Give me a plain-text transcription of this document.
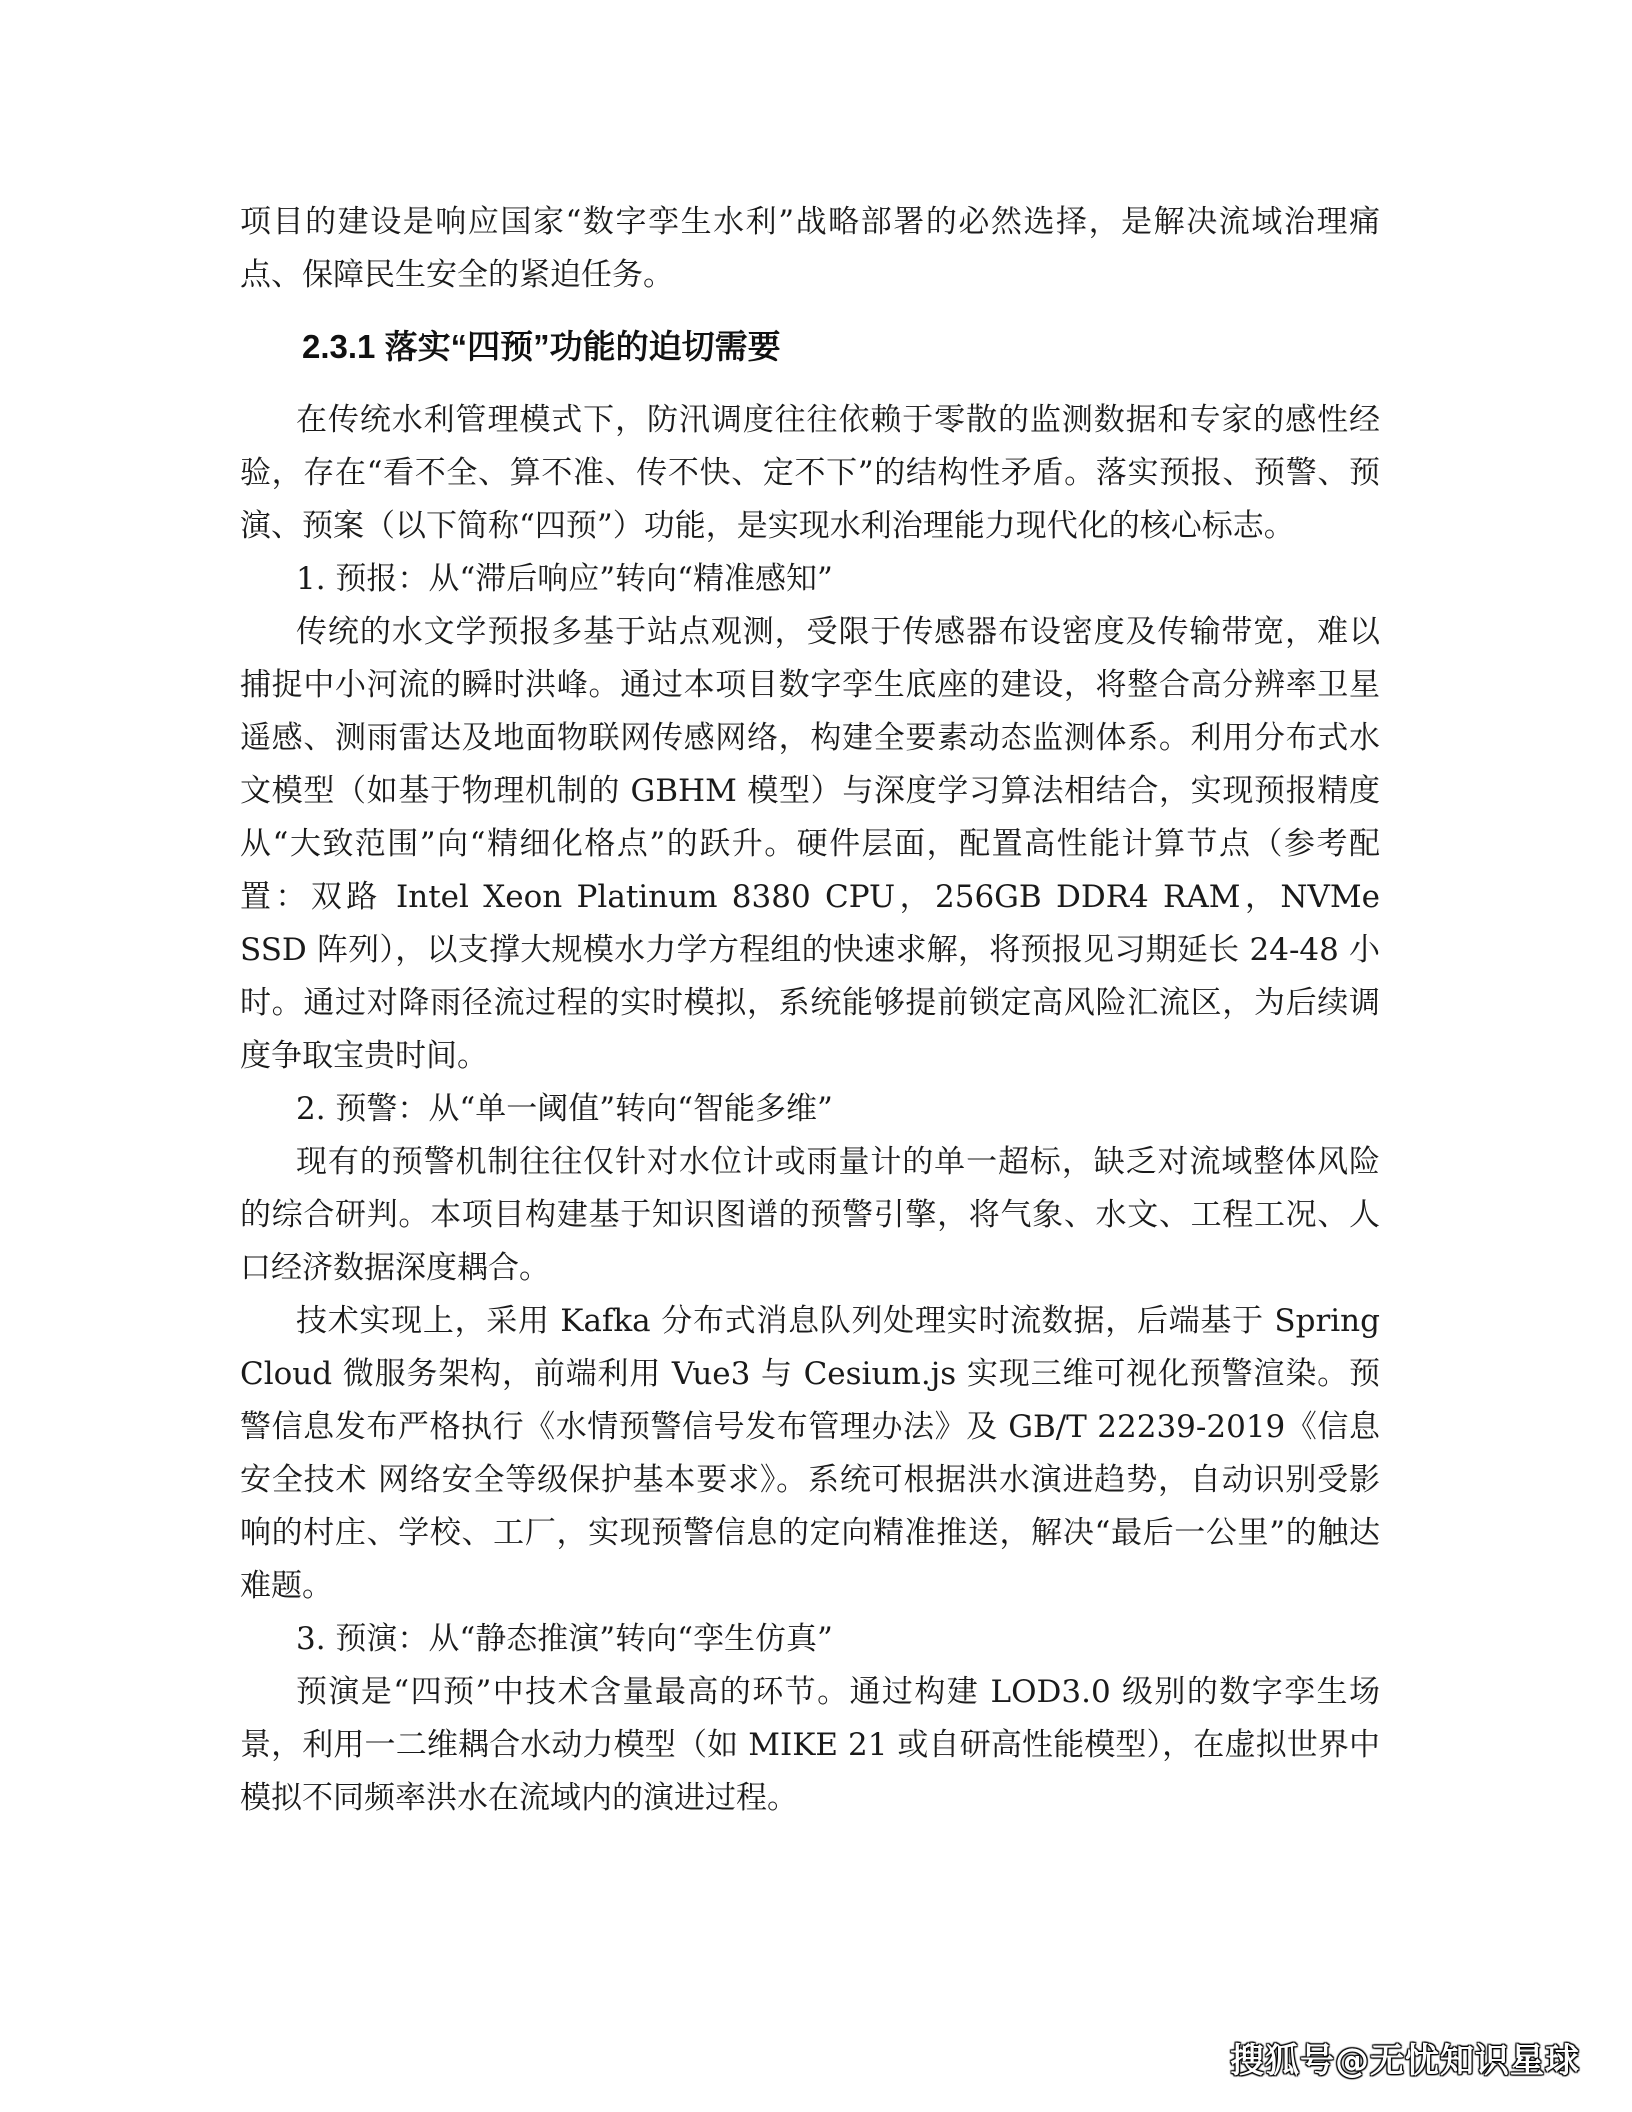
项目的建设是响应国家“数字孪生水利”战略部署的必然选择，是解决流域治理痛点、保障民生安全的紧迫任务。

2.3.1 落实“四预”功能的迫切需要

在传统水利管理模式下，防汛调度往往依赖于零散的监测数据和专家的感性经验，存在“看不全、算不准、传不快、定不下”的结构性矛盾。落实预报、预警、预演、预案（以下简称“四预”）功能，是实现水利治理能力现代化的核心标志。

1. 预报：从“滞后响应”转向“精准感知”

传统的水文学预报多基于站点观测，受限于传感器布设密度及传输带宽，难以捕捉中小河流的瞬时洪峰。通过本项目数字孪生底座的建设，将整合高分辨率卫星遥感、测雨雷达及地面物联网传感网络，构建全要素动态监测体系。利用分布式水文模型（如基于物理机制的 GBHM 模型）与深度学习算法相结合，实现预报精度从“大致范围”向“精细化格点”的跃升。硬件层面，配置高性能计算节点（参考配置：双路 Intel Xeon Platinum 8380 CPU，256GB DDR4 RAM，NVMe SSD 阵列），以支撑大规模水力学方程组的快速求解，将预报见习期延长 24-48 小时。通过对降雨径流过程的实时模拟，系统能够提前锁定高风险汇流区，为后续调度争取宝贵时间。

2. 预警：从“单一阈值”转向“智能多维”

现有的预警机制往往仅针对水位计或雨量计的单一超标，缺乏对流域整体风险的综合研判。本项目构建基于知识图谱的预警引擎，将气象、水文、工程工况、人口经济数据深度耦合。

技术实现上，采用 Kafka 分布式消息队列处理实时流数据，后端基于 Spring Cloud 微服务架构，前端利用 Vue3 与 Cesium.js 实现三维可视化预警渲染。预警信息发布严格执行《水情预警信号发布管理办法》及 GB/T 22239-2019《信息安全技术 网络安全等级保护基本要求》。系统可根据洪水演进趋势，自动识别受影响的村庄、学校、工厂，实现预警信息的定向精准推送，解决“最后一公里”的触达难题。

3. 预演：从“静态推演”转向“孪生仿真”

预演是“四预”中技术含量最高的环节。通过构建 LOD3.0 级别的数字孪生场景，利用一二维耦合水动力模型（如 MIKE 21 或自研高性能模型），在虚拟世界中模拟不同频率洪水在流域内的演进过程。

搜狐号@无忧知识星球
